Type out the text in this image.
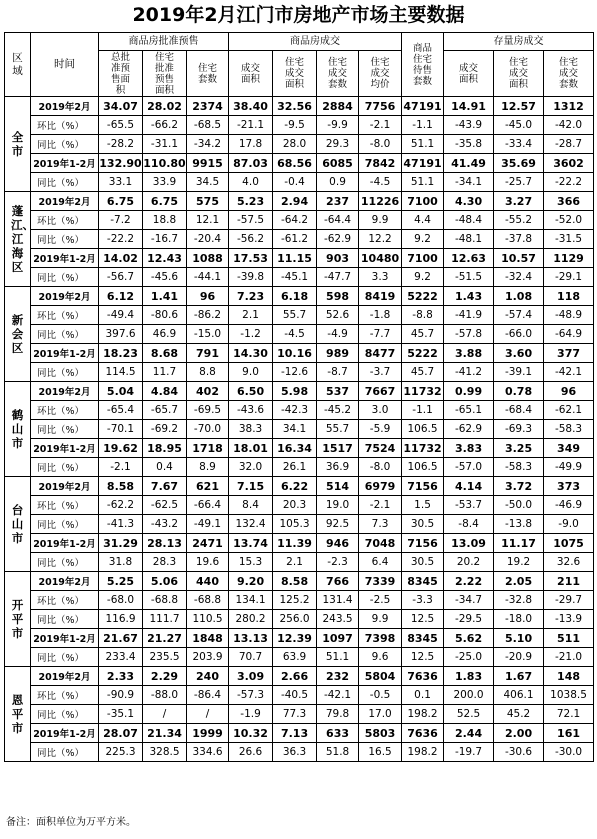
2019年2月江门市房地产市场主要数据
区域	时间	商品房批准预售			商品房成交				商品住宅待售套数	存量房成交		
		总批准预售面积	住宅批准预售面积	住宅套数	成交面积	住宅成交面积	住宅成交套数	住宅成交均价		成交面积	住宅成交面积	住宅成交套数
全市	2019年2月	34.07	28.02	2374	38.40	32.56	2884	7756	47191	14.91	12.57	1312
	环比（%）	-65.5	-66.2	-68.5	-21.1	-9.5	-9.9	-2.1	-1.1	-43.9	-45.0	-42.0
	同比（%）	-28.2	-31.1	-34.2	17.8	28.0	29.3	-8.0	51.1	-35.8	-33.4	-28.7
	2019年1-2月	132.90	110.80	9915	87.03	68.56	6085	7842	47191	41.49	35.69	3602
	同比（%）	33.1	33.9	34.5	4.0	-0.4	0.9	-4.5	51.1	-34.1	-25.7	-22.2
蓬江、江海区	2019年2月	6.75	6.75	575	5.23	2.94	237	11226	7100	4.30	3.27	366
	环比（%）	-7.2	18.8	12.1	-57.5	-64.2	-64.4	9.9	4.4	-48.4	-55.2	-52.0
	同比（%）	-22.2	-16.7	-20.4	-56.2	-61.2	-62.9	12.2	9.2	-48.1	-37.8	-31.5
	2019年1-2月	14.02	12.43	1088	17.53	11.15	903	10480	7100	12.63	10.57	1129
	同比（%）	-56.7	-45.6	-44.1	-39.8	-45.1	-47.7	3.3	9.2	-51.5	-32.4	-29.1
新会区	2019年2月	6.12	1.41	96	7.23	6.18	598	8419	5222	1.43	1.08	118
	环比（%）	-49.4	-80.6	-86.2	2.1	55.7	52.6	-1.8	-8.8	-41.9	-57.4	-48.9
	同比（%）	397.6	46.9	-15.0	-1.2	-4.5	-4.9	-7.7	45.7	-57.8	-66.0	-64.9
	2019年1-2月	18.23	8.68	791	14.30	10.16	989	8477	5222	3.88	3.60	377
	同比（%）	114.5	11.7	8.8	9.0	-12.6	-8.7	-3.7	45.7	-41.2	-39.1	-42.1
鹤山市	2019年2月	5.04	4.84	402	6.50	5.98	537	7667	11732	0.99	0.78	96
	环比（%）	-65.4	-65.7	-69.5	-43.6	-42.3	-45.2	3.0	-1.1	-65.1	-68.4	-62.1
	同比（%）	-70.1	-69.2	-70.0	38.3	34.1	55.7	-5.9	106.5	-62.9	-69.3	-58.3
	2019年1-2月	19.62	18.95	1718	18.01	16.34	1517	7524	11732	3.83	3.25	349
	同比（%）	-2.1	0.4	8.9	32.0	26.1	36.9	-8.0	106.5	-57.0	-58.3	-49.9
台山市	2019年2月	8.58	7.67	621	7.15	6.22	514	6979	7156	4.14	3.72	373
	环比（%）	-62.2	-62.5	-66.4	8.4	20.3	19.0	-2.1	1.5	-53.7	-50.0	-46.9
	同比（%）	-41.3	-43.2	-49.1	132.4	105.3	92.5	7.3	30.5	-8.4	-13.8	-9.0
	2019年1-2月	31.29	28.13	2471	13.74	11.39	946	7048	7156	13.09	11.17	1075
	同比（%）	31.8	28.3	19.6	15.3	2.1	-2.3	6.4	30.5	20.2	19.2	32.6
开平市	2019年2月	5.25	5.06	440	9.20	8.58	766	7339	8345	2.22	2.05	211
	环比（%）	-68.0	-68.8	-68.8	134.1	125.2	131.4	-2.5	-3.3	-34.7	-32.8	-29.7
	同比（%）	116.9	111.7	110.5	280.2	256.0	243.5	9.9	12.5	-29.5	-18.0	-13.9
	2019年1-2月	21.67	21.27	1848	13.13	12.39	1097	7398	8345	5.62	5.10	511
	同比（%）	233.4	235.5	203.9	70.7	63.9	51.1	9.6	12.5	-25.0	-20.9	-21.0
恩平市	2019年2月	2.33	2.29	240	3.09	2.66	232	5804	7636	1.83	1.67	148
	环比（%）	-90.9	-88.0	-86.4	-57.3	-40.5	-42.1	-0.5	0.1	200.0	406.1	1038.5
	同比（%）	-35.1	/	/	-1.9	77.3	79.8	17.0	198.2	52.5	45.2	72.1
	2019年1-2月	28.07	21.34	1999	10.32	7.13	633	5803	7636	2.44	2.00	161
	同比（%）	225.3	328.5	334.6	26.6	36.3	51.8	16.5	198.2	-19.7	-30.6	-30.0
备注：面积单位为万平方米。
